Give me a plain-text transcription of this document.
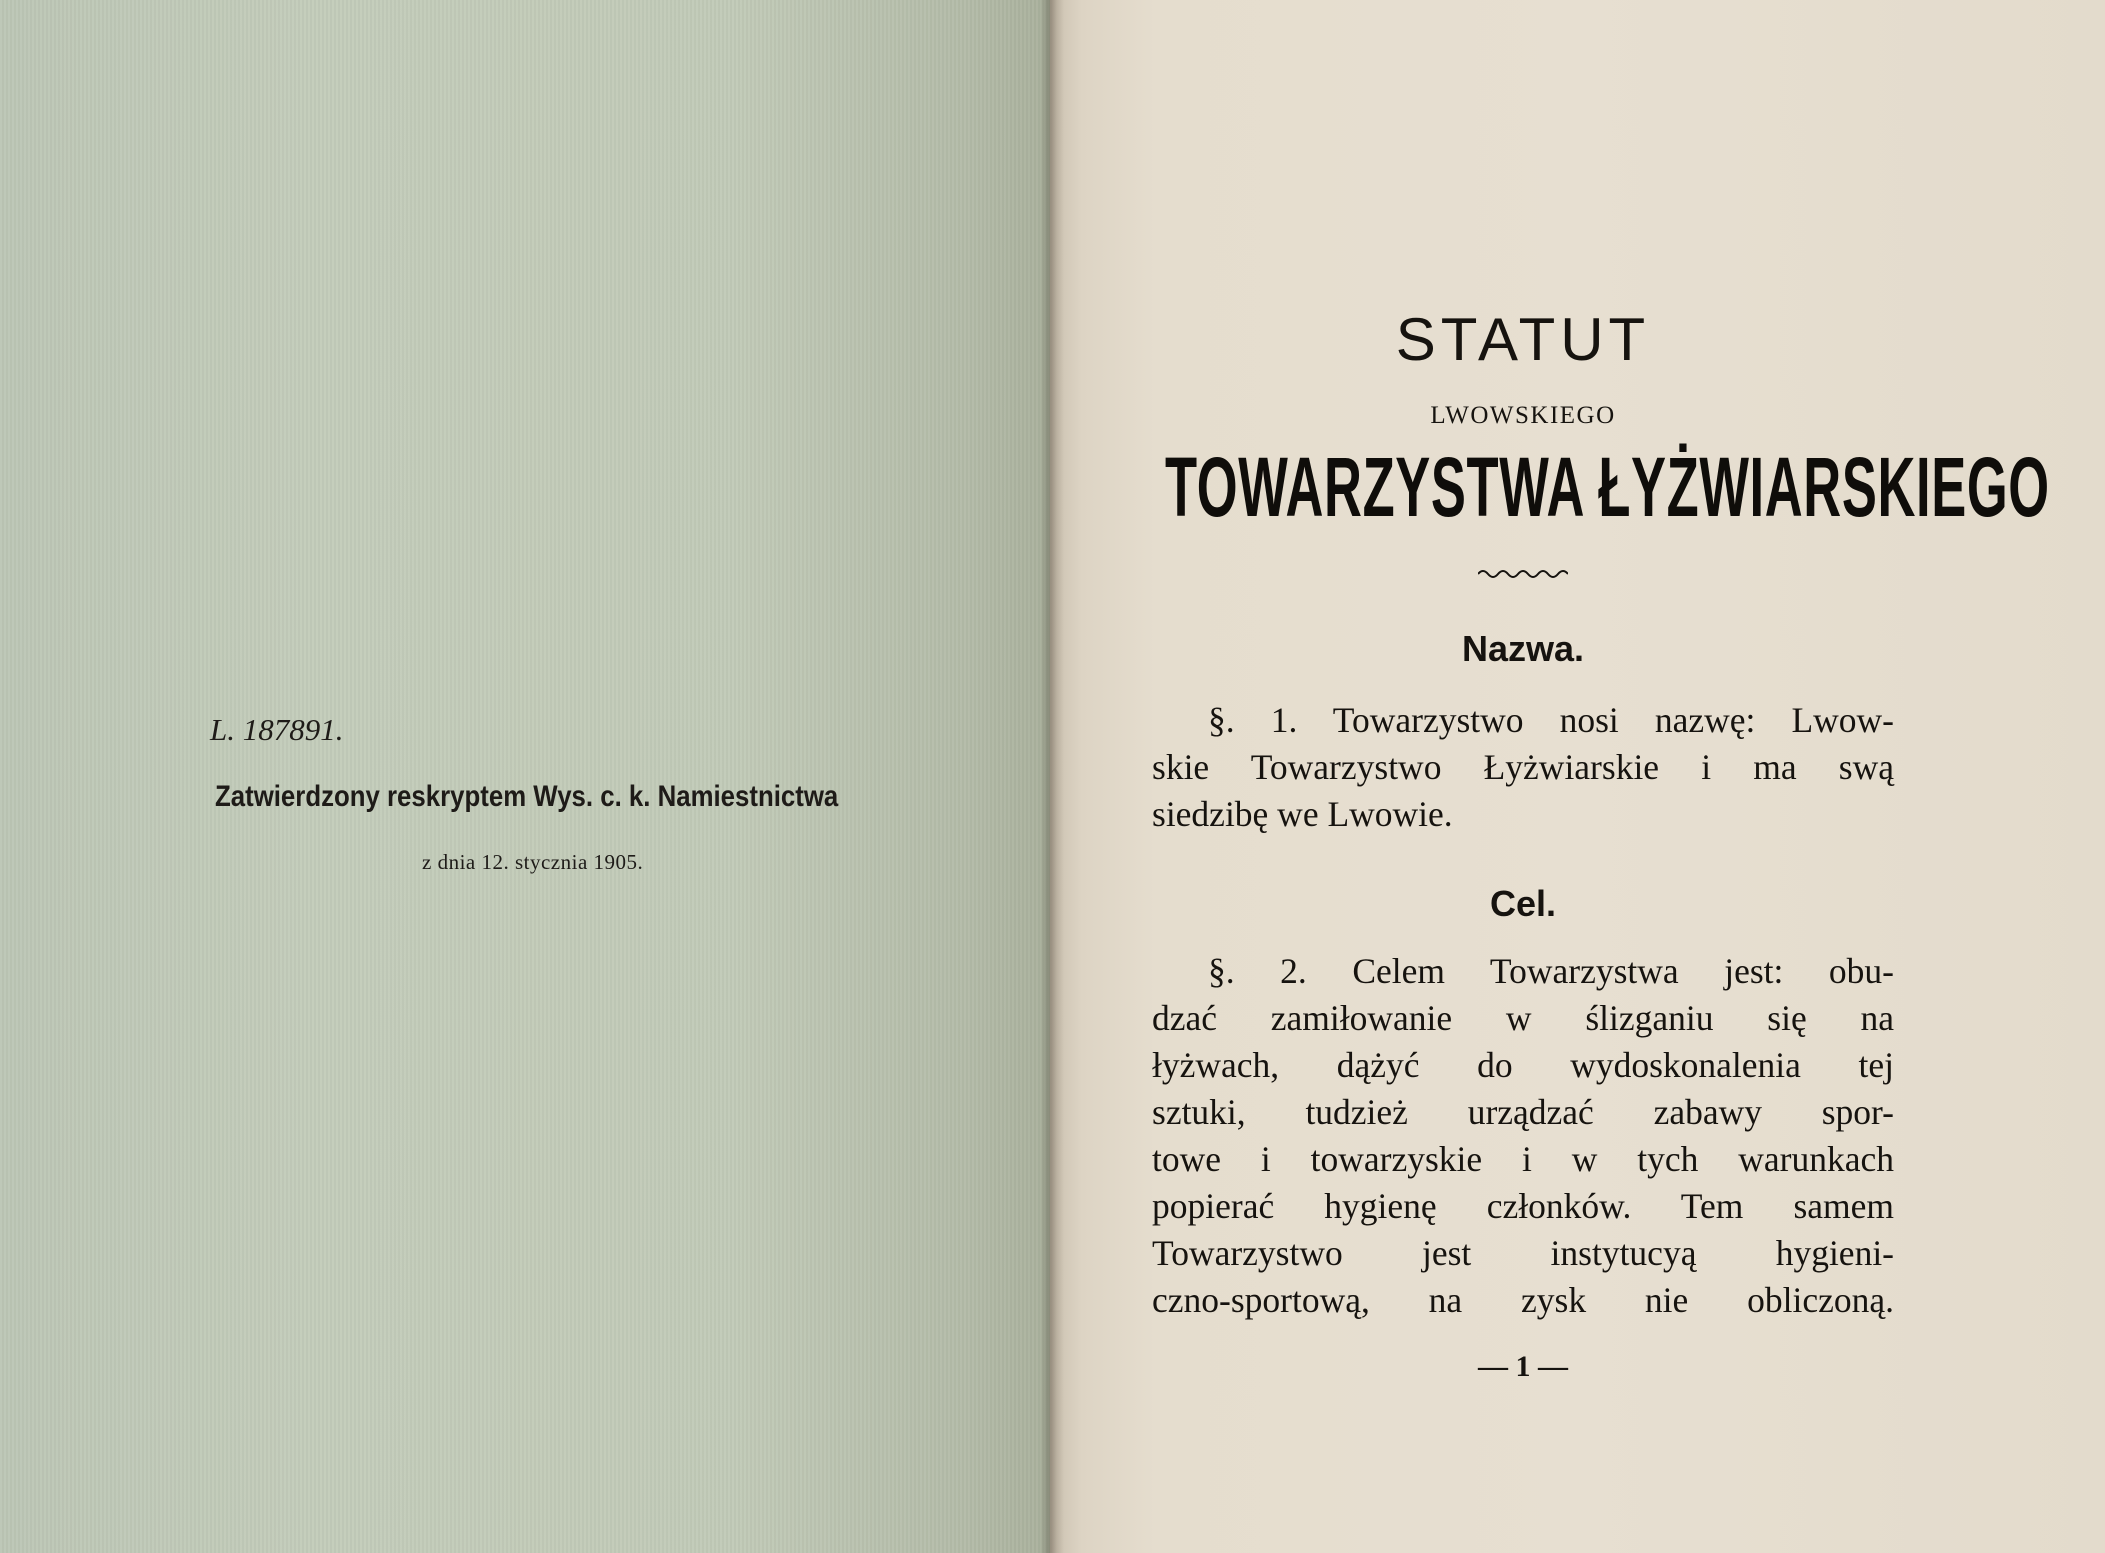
L. 187891.
Zatwierdzony reskryptem Wys. c. k. Namiestnictwa
z dnia 12. stycznia 1905.
STATUT
LWOWSKIEGO
TOWARZYSTWA ŁYŻWIARSKIEGO
Nazwa.
§. 1. Towarzystwo nosi nazwę: Lwow-
skie Towarzystwo Łyżwiarskie i ma swą
siedzibę we Lwowie.
Cel.
§. 2. Celem Towarzystwa jest: obu-
dzać zamiłowanie w ślizganiu się na
łyżwach, dążyć do wydoskonalenia tej
sztuki, tudzież urządzać zabawy spor-
towe i towarzyskie i w tych warunkach
popierać hygienę członków. Tem samem
Towarzystwo jest instytucyą hygieni-
czno-sportową, na zysk nie obliczoną.
— 1 —
